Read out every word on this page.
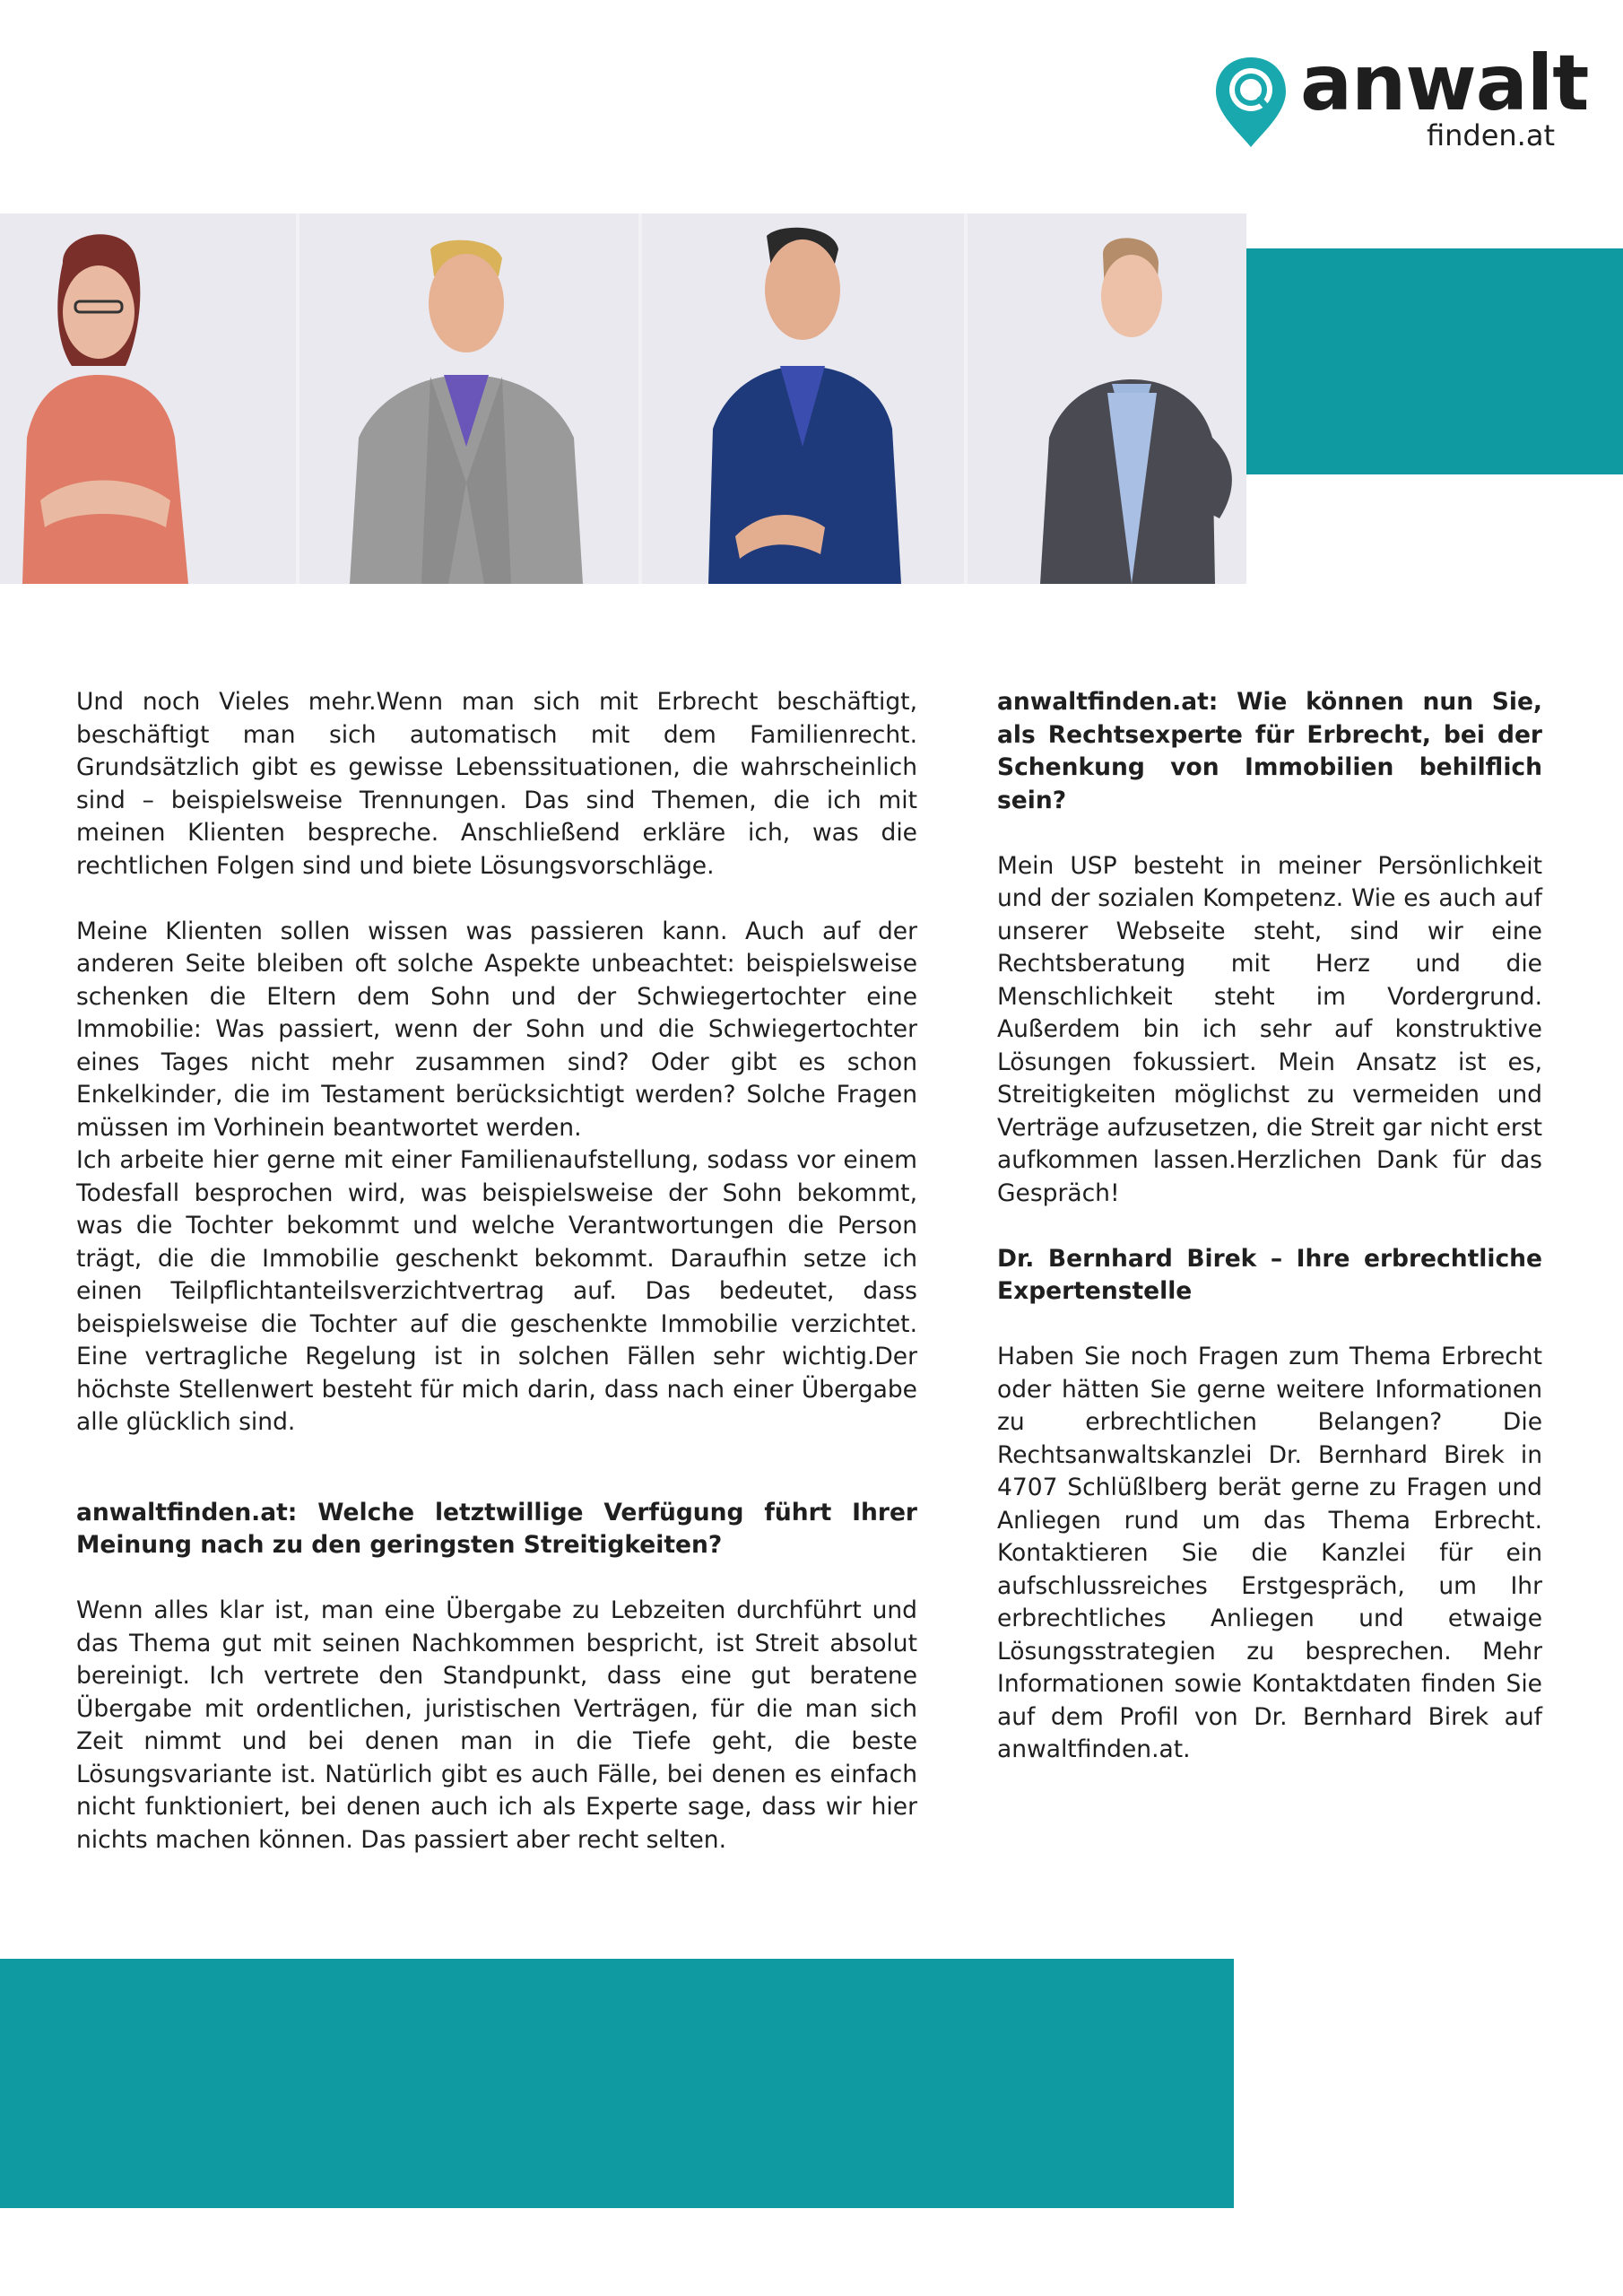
anwalt
finden.at

Und noch Vieles mehr.Wenn man sich mit Erbrecht beschäftigt, beschäftigt man sich automatisch mit dem Familienrecht. Grundsätzlich gibt es gewisse Lebenssituationen, die wahrscheinlich sind – beispielsweise Trennungen. Das sind Themen, die ich mit meinen Klienten bespreche. Anschließend erkläre ich, was die rechtlichen Folgen sind und biete Lösungsvorschläge.

Meine Klienten sollen wissen was passieren kann. Auch auf der anderen Seite bleiben oft solche Aspekte unbeachtet: beispielsweise schenken die Eltern dem Sohn und der Schwiegertochter eine Immobilie: Was passiert, wenn der Sohn und die Schwiegertochter eines Tages nicht mehr zusammen sind? Oder gibt es schon Enkelkinder, die im Testament berücksichtigt werden? Solche Fragen müssen im Vorhinein beantwortet werden.

Ich arbeite hier gerne mit einer Familienaufstellung, sodass vor einem Todesfall besprochen wird, was beispielsweise der Sohn bekommt, was die Tochter bekommt und welche Verantwortungen die Person trägt, die die Immobilie geschenkt bekommt. Daraufhin setze ich einen Teilpflichtanteilsverzichtvertrag auf. Das bedeutet, dass beispielsweise die Tochter auf die geschenkte Immobilie verzichtet. Eine vertragliche Regelung ist in solchen Fällen sehr wichtig.Der höchste Stellenwert besteht für mich darin, dass nach einer Übergabe alle glücklich sind.

anwaltfinden.at: Welche letztwillige Verfügung führt Ihrer Meinung nach zu den geringsten Streitigkeiten?

Wenn alles klar ist, man eine Übergabe zu Lebzeiten durchführt und das Thema gut mit seinen Nachkommen bespricht, ist Streit absolut bereinigt. Ich vertrete den Standpunkt, dass eine gut beratene Übergabe mit ordentlichen, juristischen Verträgen, für die man sich Zeit nimmt und bei denen man in die Tiefe geht, die beste Lösungsvariante ist. Natürlich gibt es auch Fälle, bei denen es einfach nicht funktioniert, bei denen auch ich als Experte sage, dass wir hier nichts machen können. Das passiert aber recht selten.

anwaltfinden.at: Wie können nun Sie, als Rechtsexperte für Erbrecht, bei der Schenkung von Immobilien behilflich sein?

Mein USP besteht in meiner Persönlichkeit und der sozialen Kompetenz. Wie es auch auf unserer Webseite steht, sind wir eine Rechtsberatung mit Herz und die Menschlichkeit steht im Vordergrund. Außerdem bin ich sehr auf konstruktive Lösungen fokussiert. Mein Ansatz ist es, Streitigkeiten möglichst zu vermeiden und Verträge aufzusetzen, die Streit gar nicht erst aufkommen lassen.Herzlichen Dank für das Gespräch!

Dr. Bernhard Birek – Ihre erbrechtliche Expertenstelle

Haben Sie noch Fragen zum Thema Erbrecht oder hätten Sie gerne weitere Informationen zu erbrechtlichen Belangen? Die Rechtsanwaltskanzlei Dr. Bernhard Birek in 4707 Schlüßlberg berät gerne zu Fragen und Anliegen rund um das Thema Erbrecht. Kontaktieren Sie die Kanzlei für ein aufschlussreiches Erstgespräch, um Ihr erbrechtliches Anliegen und etwaige Lösungsstrategien zu besprechen. Mehr Informationen sowie Kontaktdaten finden Sie auf dem Profil von Dr. Bernhard Birek auf anwaltfinden.at.
